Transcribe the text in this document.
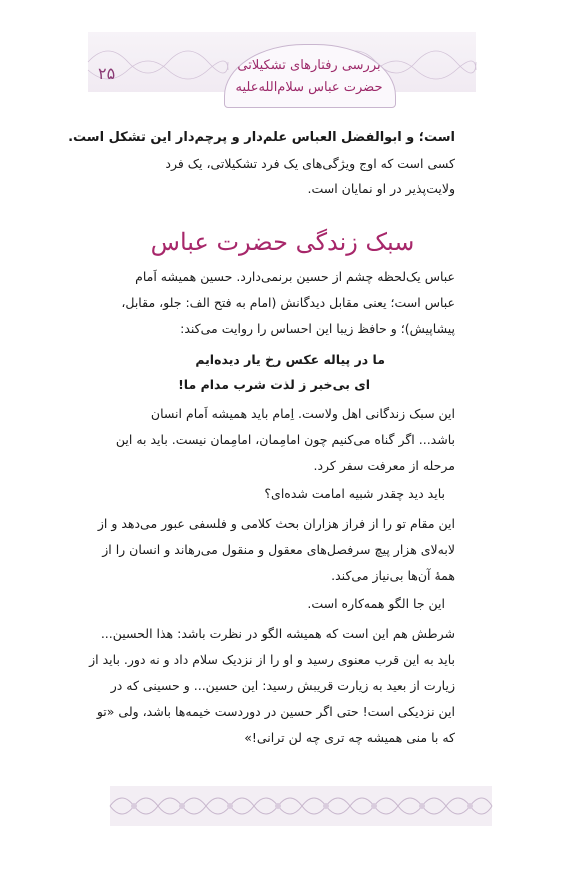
بررسی رفتارهای تشکیلاتی
حضرت عباس سلام‌الله‌علیه
۲۵
است؛ و ابوالفضل العباس علم‌دار و پرچم‌دار این تشکل است.
کسی است که اوج ویژگی‌های یک فرد تشکیلاتی، یک فرد
ولایت‌پذیر در او نمایان است.
سبک زندگی حضرت عباس
عباس یک‌لحظه چشم از حسین برنمی‌دارد. حسین همیشه اَمام
عباس است؛ یعنی مقابل دیدگانش (امام به فتح الف: جلو، مقابل،
پیشاپیش)؛ و حافظ زیبا این احساس را روایت می‌کند:
ما در پیاله عکس رخ یار دیده‌ایم
ای بی‌خبر ز لذت شرب مدام ما!
این سبک زندگانی اهل ولاست. اِمام باید همیشه اَمام انسان
باشد... اگر گناه می‌کنیم چون امامِمان، امامِمان نیست. باید به این
مرحله از معرفت سفر کرد.
باید دید چقدر شبیه امامت شده‌ای؟
این مقام تو را از فراز هزاران بحث کلامی و فلسفی عبور می‌دهد و از
لابه‌لای هزار پیچ سرفصل‌های معقول و منقول می‌رهاند و انسان را از
همهٔ آن‌ها بی‌نیاز می‌کند.
این جا الگو همه‌کاره است.
شرطش هم این است که همیشه الگو در نظرت باشد: هذا الحسین...
باید به این قرب معنوی رسید و او را از نزدیک سلام داد و نه دور. باید از
زیارت از بعید به زیارت قریبش رسید: این حسین... و حسینی که در
این نزدیکی است! حتی اگر حسین در دوردست خیمه‌ها باشد، ولی «تو
که با منی همیشه چه تری چه لن ترانی!»
